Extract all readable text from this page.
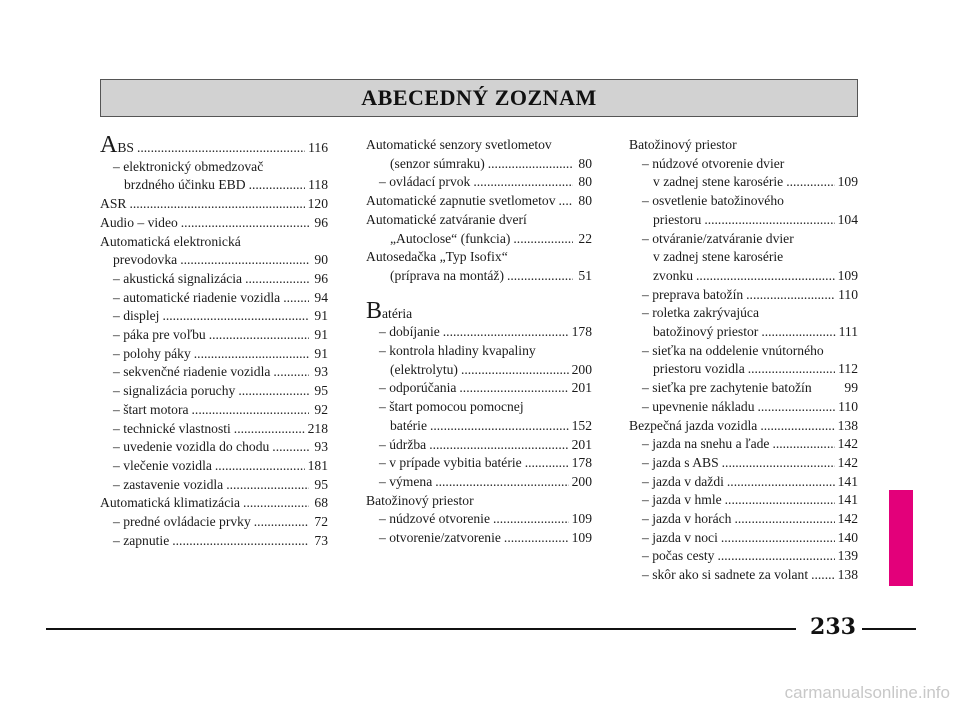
ABECEDNÝ ZOZNAM
ABS .....	116
– elektronický obmedzovač
brzdného účinku EBD .....	118
ASR .....	120
Audio – video .....	96
Automatická elektronická
prevodovka .....	90
– akustická signalizácia .....	96
– automatické riadenie vozidla .....	94
– displej .....	91
– páka pre voľbu .....	91
– polohy páky .....	91
– sekvenčné riadenie vozidla .....	93
– signalizácia poruchy .....	95
– štart motora .....	92
– technické vlastnosti .....	218
– uvedenie vozidla do chodu .....	93
– vlečenie vozidla .....	181
– zastavenie vozidla .....	95
Automatická klimatizácia .....	68
– predné ovládacie prvky .....	72
– zapnutie .....	73
Automatické senzory svetlometov
(senzor súmraku) .....	80
– ovládací prvok .....	80
Automatické zapnutie svetlometov ..... 80
Automatické zatváranie dverí
„Autoclose“ (funkcia) .....	22
Autosedačka „Typ Isofix“
(príprava na montáž) .....	51
Batéria
– dobíjanie .....	178
– kontrola hladiny kvapaliny
(elektrolytu) .....	200
– odporúčania .....	201
– štart pomocou pomocnej
batérie .....	152
– údržba .....	201
– v prípade vybitia batérie .....	178
– výmena .....	200
Batožinový priestor
– núdzové otvorenie .....	109
– otvorenie/zatvorenie .....	109
Batožinový priestor
– núdzové otvorenie dvier
v zadnej stene karosérie .....	109
– osvetlenie batožinového
priestoru .....	104
– otváranie/zatváranie dvier
v zadnej stene karosérie
zvonku .....	109
– preprava batožín .....	110
– roletka zakrývajúca
batožinový priestor .....	111
– sieťka na oddelenie vnútorného
priestoru vozidla .....	112
– sieťka pre zachytenie batožín 99
– upevnenie nákladu .....	110
Bezpečná jazda vozidla .....	138
– jazda na snehu a ľade .....	142
– jazda s ABS .....	142
– jazda v daždi .....	141
– jazda v hmle .....	141
– jazda v horách .....	142
– jazda v noci .....	140
– počas cesty .....	139
– skôr ako si sadnete za volant ..... 138
233
carmanualsonline.info
